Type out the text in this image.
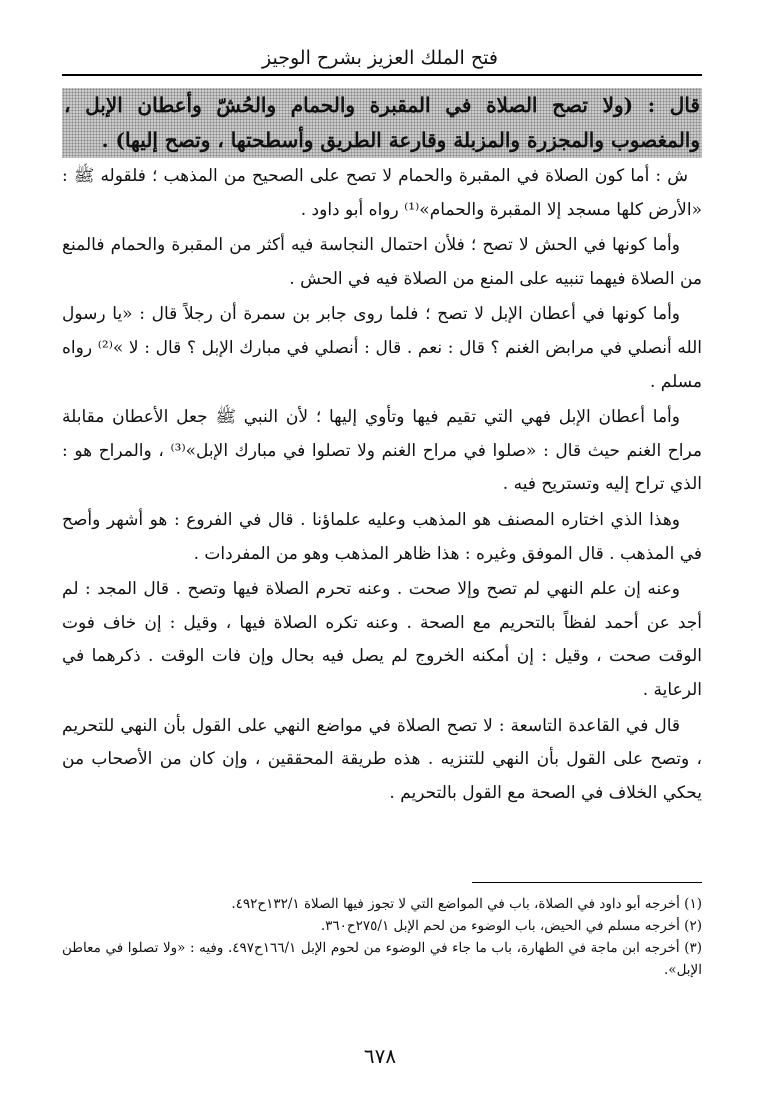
فتح الملك العزيز بشرح الوجيز
قال : (ولا تصح الصلاة في المقبرة والحمام والحُشّ وأعطان الإبل ، والمغصوب والمجزرة والمزبلة وقارعة الطريق وأسطحتها ، وتصح إليها) .

ش : أما كون الصلاة في المقبرة والحمام لا تصح على الصحيح من المذهب ؛ فلقوله ﷺ : «الأرض كلها مسجد إلا المقبرة والحمام»⁽¹⁾ رواه أبو داود .

وأما كونها في الحش لا تصح ؛ فلأن احتمال النجاسة فيه أكثر من المقبرة والحمام فالمنع من الصلاة فيهما تنبيه على المنع من الصلاة فيه في الحش .

وأما كونها في أعطان الإبل لا تصح ؛ فلما روى جابر بن سمرة أن رجلاً قال : «يا رسول الله أنصلي في مرابض الغنم ؟ قال : نعم . قال : أنصلي في مبارك الإبل ؟ قال : لا »⁽²⁾ رواه مسلم .

وأما أعطان الإبل فهي التي تقيم فيها وتأوي إليها ؛ لأن النبي ﷺ جعل الأعطان مقابلة مراح الغنم حيث قال : «صلوا في مراح الغنم ولا تصلوا في مبارك الإبل»⁽³⁾ ، والمراح هو : الذي تراح إليه وتستريح فيه .

وهذا الذي اختاره المصنف هو المذهب وعليه علماؤنا . قال في الفروع : هو أشهر وأصح في المذهب . قال الموفق وغيره : هذا ظاهر المذهب وهو من المفردات .

وعنه إن علم النهي لم تصح وإلا صحت . وعنه تحرم الصلاة فيها وتصح . قال المجد : لم أجد عن أحمد لفظاً بالتحريم مع الصحة . وعنه تكره الصلاة فيها ، وقيل : إن خاف فوت الوقت صحت ، وقيل : إن أمكنه الخروج لم يصل فيه بحال وإن فات الوقت . ذكرهما في الرعاية .

قال في القاعدة التاسعة : لا تصح الصلاة في مواضع النهي على القول بأن النهي للتحريم ، وتصح على القول بأن النهي للتنزيه . هذه طريقة المحققين ، وإن كان من الأصحاب من يحكي الخلاف في الصحة مع القول بالتحريم .

(١) أخرجه أبو داود في الصلاة، باب في المواضع التي لا تجوز فيها الصلاة ١٣٢/١ح٤٩٢.

(٢) أخرجه مسلم في الحيض، باب الوضوء من لحم الإبل ٢٧٥/١ح٣٦٠.

(٣) أخرجه ابن ماجة في الطهارة، باب ما جاء في الوضوء من لحوم الإبل ١٦٦/١ح٤٩٧. وفيه : «ولا تصلوا في معاطن الإبل».

٦٧٨
